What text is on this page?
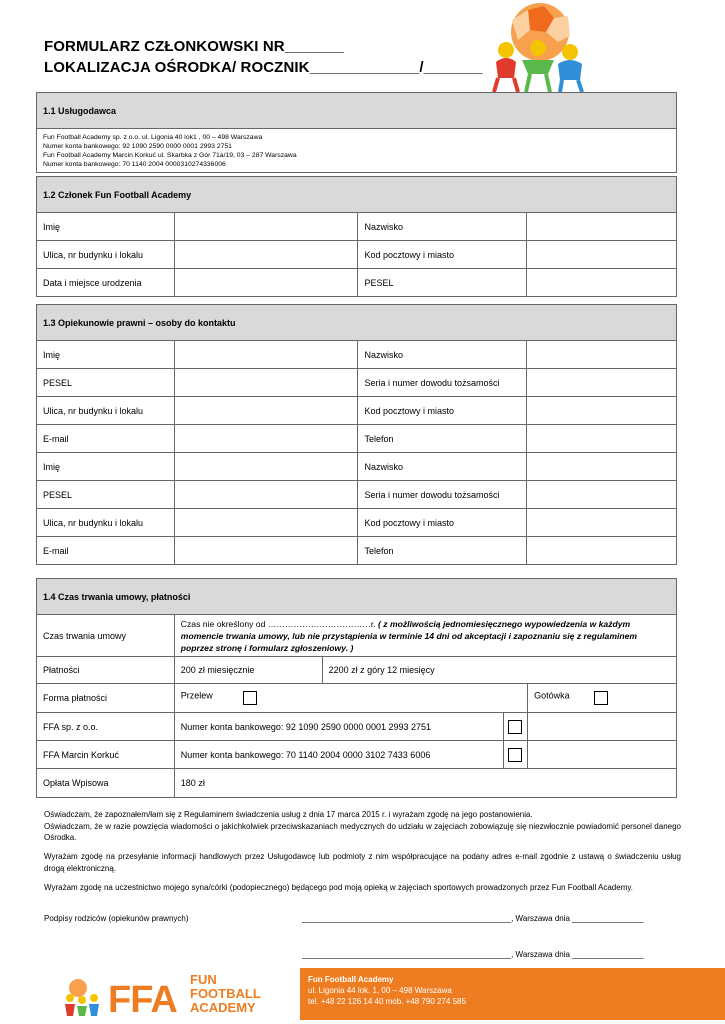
FORMULARZ CZŁONKOWSKI NR_______
LOKALIZACJA OŚRODKA/ ROCZNIK_____________/_______
1.1 Usługodawca

Fun Football Academy sp. z o.o. ul. Ligonia 40 lok1 , 00 – 498 Warszawa
Numer konta bankowego: 92 1090 2590 0000 0001 2993 2751
Fun Football Academy Marcin Korkuć ul. Skarbka z Gór 71a/19, 03 – 287 Warszawa
Numer konta bankowego: 70 1140 2004 0000310274336006
1.2 Członek Fun Football Academy			
Imię		Nazwisko	
Ulica, nr budynku i lokalu		Kod pocztowy i miasto	
Data i miejsce urodzenia		PESEL	
1.3 Opiekunowie prawni – osoby do kontaktu			
Imię		Nazwisko	
PESEL		Seria i numer dowodu tożsamości	
Ulica, nr budynku i lokalu		Kod pocztowy i miasto	
E-mail		Telefon	
Imię		Nazwisko	
PESEL		Seria i numer dowodu tożsamości	
Ulica, nr budynku i lokalu		Kod pocztowy i miasto	
E-mail		Telefon	
1.4 Czas trwania umowy, płatności				
Czas trwania umowy	Czas nie określony od ………………………………r. ( z możliwością jednomiesięcznego wypowiedzenia w każdym momencie trwania umowy, lub nie przystąpienia w terminie 14 dni od akceptacji i zapoznaniu się z regulaminem poprzez stronę i formularz zgłoszeniowy. )			
Płatności	200 zł miesięcznie	2200 zł z góry 12 miesięcy		
Forma płatności	Przelew			Gotówka
FFA sp. z o.o.	Numer konta bankowego: 92 1090 2590 0000 0001 2993 2751			
FFA Marcin Korkuć	Numer konta bankowego: 70 1140 2004 0000 3102 7433 6006			
Opłata Wpisowa	180 zł			
Oświadczam, że zapoznałem/łam się z Regulaminem świadczenia usług z dnia 17 marca 2015 r. i wyrażam zgodę na jego postanowienia.
Oświadczam, że w razie powzięcia wiadomości o jakichkolwiek przeciwskazaniach medycznych do udziału w zajęciach zobowiązuję się niezwłocznie powiadomić personel danego Ośrodka.
Wyrażam zgodę na przesyłanie informacji handlowych przez Usługodawcę lub podmioty z nim współpracujące na podany adres e-mail zgodnie z ustawą o świadczeniu usług drogą elektroniczną.
Wyrażam zgodę na uczestnictwo mojego syna/córki (podopiecznego) będącego pod moją opieką w zajęciach sportowych prowadzonych przez Fun Football Academy.
Podpisy rodziców (opiekunów prawnych)	_______________________________________________, Warszawa dnia ________________
_______________________________________________, Warszawa dnia ________________
FFA FUN
FOOTBALL
ACADEMY
Fun Football Academy
ul. Ligonia 44 lok. 1, 00 – 498 Warszawa
tel. +48 22 126 14 40 mob. +48 790 274 585
